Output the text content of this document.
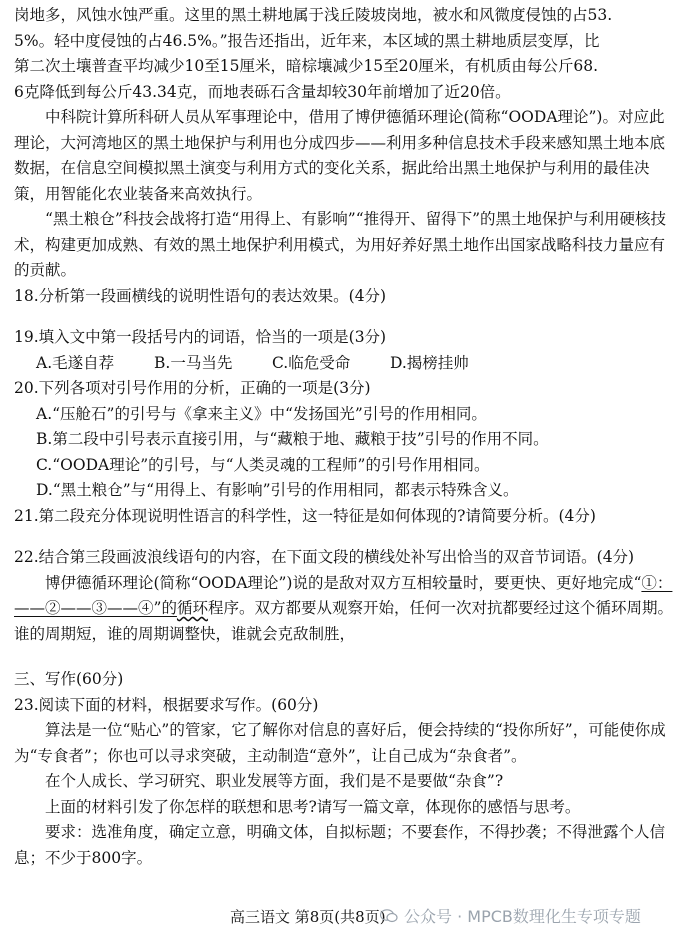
岗地多，风蚀水蚀严重。这里的黑土耕地属于浅丘陵坡岗地，被水和风微度侵蚀的占53.

5%。轻中度侵蚀的占46.5%。”报告还指出，近年来，本区域的黑土耕地质层变厚，比

第二次土壤普查平均减少10至15厘米，暗棕壤减少15至20厘米，有机质由每公斤68.

6克降低到每公斤43.34克，而地表砾石含量却较30年前增加了近20倍。

中科院计算所科研人员从军事理论中，借用了博伊德循环理论(简称“OODA理论”)。对应此理论，大河湾地区的黑土地保护与利用也分成四步——利用多种信息技术手段来感知黑土地本底数据，在信息空间模拟黑土演变与利用方式的变化关系，据此给出黑土地保护与利用的最佳决策，用智能化农业装备来高效执行。

“黑土粮仓”科技会战将打造“用得上、有影响”“推得开、留得下”的黑土地保护与利用硬核技术，构建更加成熟、有效的黑土地保护利用模式，为用好养好黑土地作出国家战略科技力量应有的贡献。

18.分析第一段画横线的说明性语句的表达效果。(4分)

19.填入文中第一段括号内的词语，恰当的一项是(3分)

A.毛遂自荐	B.一马当先	C.临危受命	D.揭榜挂帅

20.下列各项对引号作用的分析，正确的一项是(3分)

A.“压舱石”的引号与《拿来主义》中“发扬国光”引号的作用相同。

B.第二段中引号表示直接引用，与“藏粮于地、藏粮于技”引号的作用不同。

C.“OODA理论”的引号，与“人类灵魂的工程师”的引号作用相同。

D.“黑土粮仓”与“用得上、有影响”引号的作用相同，都表示特殊含义。

21.第二段充分体现说明性语言的科学性，这一特征是如何体现的?请简要分析。(4分)

22.结合第三段画波浪线语句的内容，在下面文段的横线处补写出恰当的双音节词语。(4分)

博伊德循环理论(简称“OODA理论”)说的是敌对双方互相较量时，要更快、更好地完成“①：——②——③——④”的循环程序。双方都要从观察开始，任何一次对抗都要经过这个循环周期。谁的周期短，谁的周期调整快，谁就会克敌制胜，

三、写作(60分)

23.阅读下面的材料，根据要求写作。(60分)

算法是一位“贴心”的管家，它了解你对信息的喜好后，便会持续的“投你所好”，可能使你成为“专食者”；你也可以寻求突破，主动制造“意外”，让自己成为“杂食者”。

在个人成长、学习研究、职业发展等方面，我们是不是要做“杂食”?

上面的材料引发了你怎样的联想和思考?请写一篇文章，体现你的感悟与思考。

要求：选准角度，确定立意，明确文体，自拟标题；不要套作，不得抄袭；不得泄露个人信息；不少于800字。

高三语文 第8页(共8页) 公众号 · MPCB数理化生专项专题
